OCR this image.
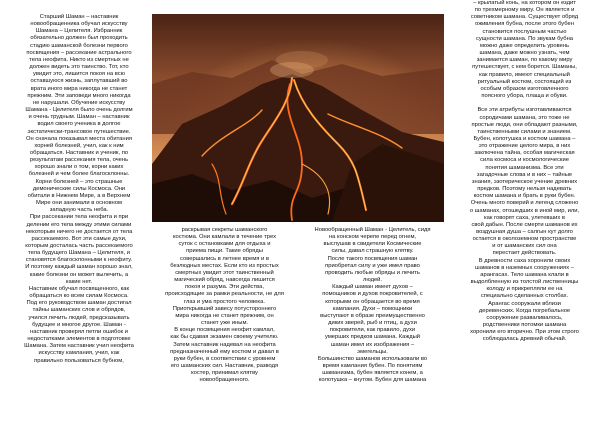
Старший Шаман – наставник
новообращенника обучал искусству
Шамана – Целителя. Избранник
обязательно должен был проходить
стадию шаманской болезни первого
посвящения – рассекание астрального
тела неофита. Никто из смертных не
должен видеть это таинство. Тот, кто
увидит это, лишится покоя на всю
оставшуюся жизнь, заплутавший во
врата иного мира никогда не станет
прежним. Эти заповеди много никогда
не нарушали. Обучение искусству
Шамана - Целителя было очень долгим
и очень трудным. Шаман – наставник
водил своего ученика в долгое
экстатически-трансовое путешествие.
Он сначала показывал места обитания
хорней болезней, учил, как к ним
обращаться. Наставник и ученик, по
результатам рассекания тела, очень
хорошо знали о том, корни каких
болезней и чем более благосклонны.
Корни болезней – это страшные
демонические силы Космоса. Они
обитали в Нижнем Мире, а в Верхнем
Мире они занимали в основном
западную часть неба.
При рассекании тела неофита и при
делении его тела между этими силами
некоторым ничего не достается от тела
рассекаемого. Вот эти самые духи,
которым досталась часть рассекаемого
тела будущего Шамана – Целителя, и
становятся благосклонными к неофиту.
И поэтому каждый шаман хорошо знал,
какие болезни он может вылечить, а
какие нет.
Наставник обучал посвященного, как
обращаться ко всем силам Космоса.
Под его руководством шаман достигал
тайны шаманских слов и обрядов,
учился лечить людей, предсказывать
будущее и многое другое. Шаман -
наставник проверял петли ошибок и
недостатками элементов в подготовке
Шамана. Затем наставник учил неофита
искусству камлания, учил, как
правильно пользоваться бубном,

раскрывая секреты шаманского
костюма. Они камлали в течение трех
суток с остановками для отдыха и
приема пищи. Такие обряды
совершались в летнее время и в
безлюдных местах. Если кто из простых
смертных увидит этот таинственный
магический обряд, навсегда лишится
покоя и разума. Эти действа,
происходящие за рамки реальности, не для
глаз и ума простого человека.
Приоткрывший завесу потустороннего
мира никогда не станет прежним, он
станет уже иным.
В конце посвящения неофит камлал,
как бы сдавая экзамен своему учителю.
Затем наставник надевал на неофита
предназначенный ему костюм и давал в
руки бубен, в соответствии с уровнем
его шаманских сил. Наставник, разводя
костер, принимал клятву
новообращенного.

Новообращенный Шаман - Целитель, сидя
на конском черепе перед огнем,
выслушав в свидетели Космические
силы, давал страшную клятву.
После такого посвящения шаман
приобретал силу и уже имел право
проводить любые обряды и лечить
людей.
Каждый шаман имеет духов –
помощников и духов покровителей, с
которыми он обращается во время
камлания. Духи – помощники
выступают в образе преимущественно
диких зверей, рыб и птиц, а духи
покровители, как правило, духи
умерших предков шамана. Каждый
шаман имел их изображения –
эмегельцы.
Большинство шаманов использовали во
время камлания бубен. По понятиям
шаманизма, бубен является конем, а
колотушка – кнутом. Бубен для шамана

– крылатый конь, на котором он ездит
по трехмерному миру. Он является и
советником шамана. Существует обряд
оживления бубна, после этого бубен
становится послушным частью
сущности шамана. По звукам бубна
можно даже определить уровень
шамана, даже можно узнать, чем
занимается шаман, по какому миру
путешествует, с кем борется. Шаманы,
как правило, имеют специальный
ритуальный костюм, состоящий из
особым образом изготовленного
поясного убора, плаща и обуви.

Все эти атрибуты изготавливаются
сородичами шамана, это тоже не
простые люди, они обладают разными,
таинственными силами и знанием.
Бубен, колотушка и костюм шамана –
это отражение целого мира, в них
заключена тайна, особая магическая
сила космоса и космологические
понятия шаманизма. Все эти
загадочные слова и в них – тайные
знания, эзотерическое учение древних
предков. Поэтому нельзя надевать
костюм шамана и брать в руки бубен.
Очень много поверий и легенд сложено
о шаманах, отошедших в иной мир, или,
как говорят саха, улетевших в
свой дабын. После смерти шаманов их
воздушная душа – салгын кут долго
остается в околоземном пространстве
и от шаманских сил она
перестает действовать.
В древности саха хоронили своих
шаманов в наземных сооружениях –
арангасах. Тело шамана клали в
выдолбленную из толстой лиственницы
колоду и прикрепляли ее на
специально сделанных столбах.
Арангас сооружали вблизи
деревенских. Когда погребальное
сооружение разваливалось,
родственники потомки шамана
хоронили его вторично. При этом строго
соблюдалась древний обычай.
